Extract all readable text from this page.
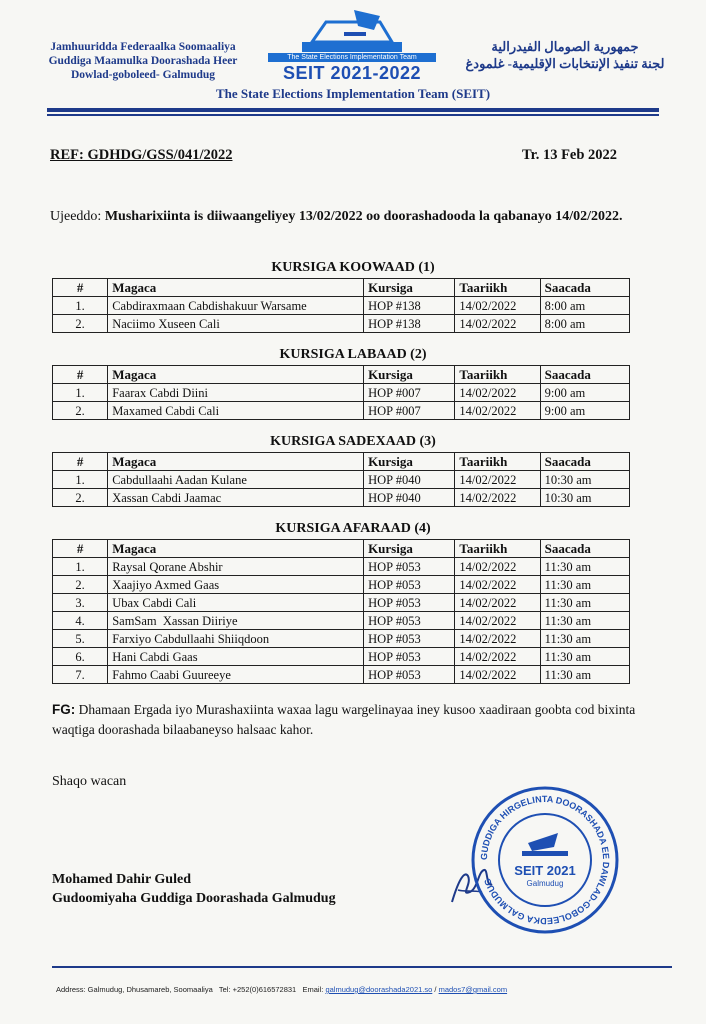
Jamhuuridda Federaalka Soomaaliya
Guddiga Maamulka Doorashada Heer
Dowlad-goboleed- Galmudug
The State Elections Implementation Team
SEIT 2021-2022
جمهورية الصومال الفيدرالية
لجنة تنفيذ الإنتخابات الإقليمية- غلمودغ
The State Elections Implementation Team (SEIT)
REF: GDHDG/GSS/041/2022	Tr. 13 Feb 2022
Ujeeddo: Musharixiinta is diiwaangeliyey 13/02/2022 oo doorashadooda la qabanayo 14/02/2022.
KURSIGA KOOWAAD (1)
#	Magaca	Kursiga	Taariikh	Saacada
1.	Cabdiraxmaan Cabdishakuur Warsame	HOP #138	14/02/2022	8:00 am
2.	Naciimo Xuseen Cali	HOP #138	14/02/2022	8:00 am
KURSIGA LABAAD (2)
#	Magaca	Kursiga	Taariikh	Saacada
1.	Faarax Cabdi Diini	HOP #007	14/02/2022	9:00 am
2.	Maxamed Cabdi Cali	HOP #007	14/02/2022	9:00 am
KURSIGA SADEXAAD (3)
#	Magaca	Kursiga	Taariikh	Saacada
1.	Cabdullaahi Aadan Kulane	HOP #040	14/02/2022	10:30 am
2.	Xassan Cabdi Jaamac	HOP #040	14/02/2022	10:30 am
KURSIGA AFARAAD (4)
#	Magaca	Kursiga	Taariikh	Saacada
1.	Raysal Qorane Abshir	HOP #053	14/02/2022	11:30 am
2.	Xaajiyo Axmed Gaas	HOP #053	14/02/2022	11:30 am
3.	Ubax Cabdi Cali	HOP #053	14/02/2022	11:30 am
4.	SamSam  Xassan Diiriye	HOP #053	14/02/2022	11:30 am
5.	Farxiyo Cabdullaahi Shiiqdoon	HOP #053	14/02/2022	11:30 am
6.	Hani Cabdi Gaas	HOP #053	14/02/2022	11:30 am
7.	Fahmo Caabi Guureeye	HOP #053	14/02/2022	11:30 am
FG: Dhamaan Ergada iyo Murashaxiinta waxaa lagu wargelinayaa iney kusoo xaadiraan goobta cod bixinta waqtiga doorashada bilaabaneyso halsaac kahor.
Shaqo wacan
Mohamed Dahir Guled
Gudoomiyaha Guddiga Doorashada Galmudug
GUDDIGA HIRGELINTA DOORASHADA EE DAWLAD-GOBOLEEDKA GALMUDUG
SEIT 2021
Galmudug
Address: Galmudug, Dhusamareb, Soomaaliya Tel: +252(0)616572831 Email: galmudug@doorashada2021.so / mados7@gmail.com
